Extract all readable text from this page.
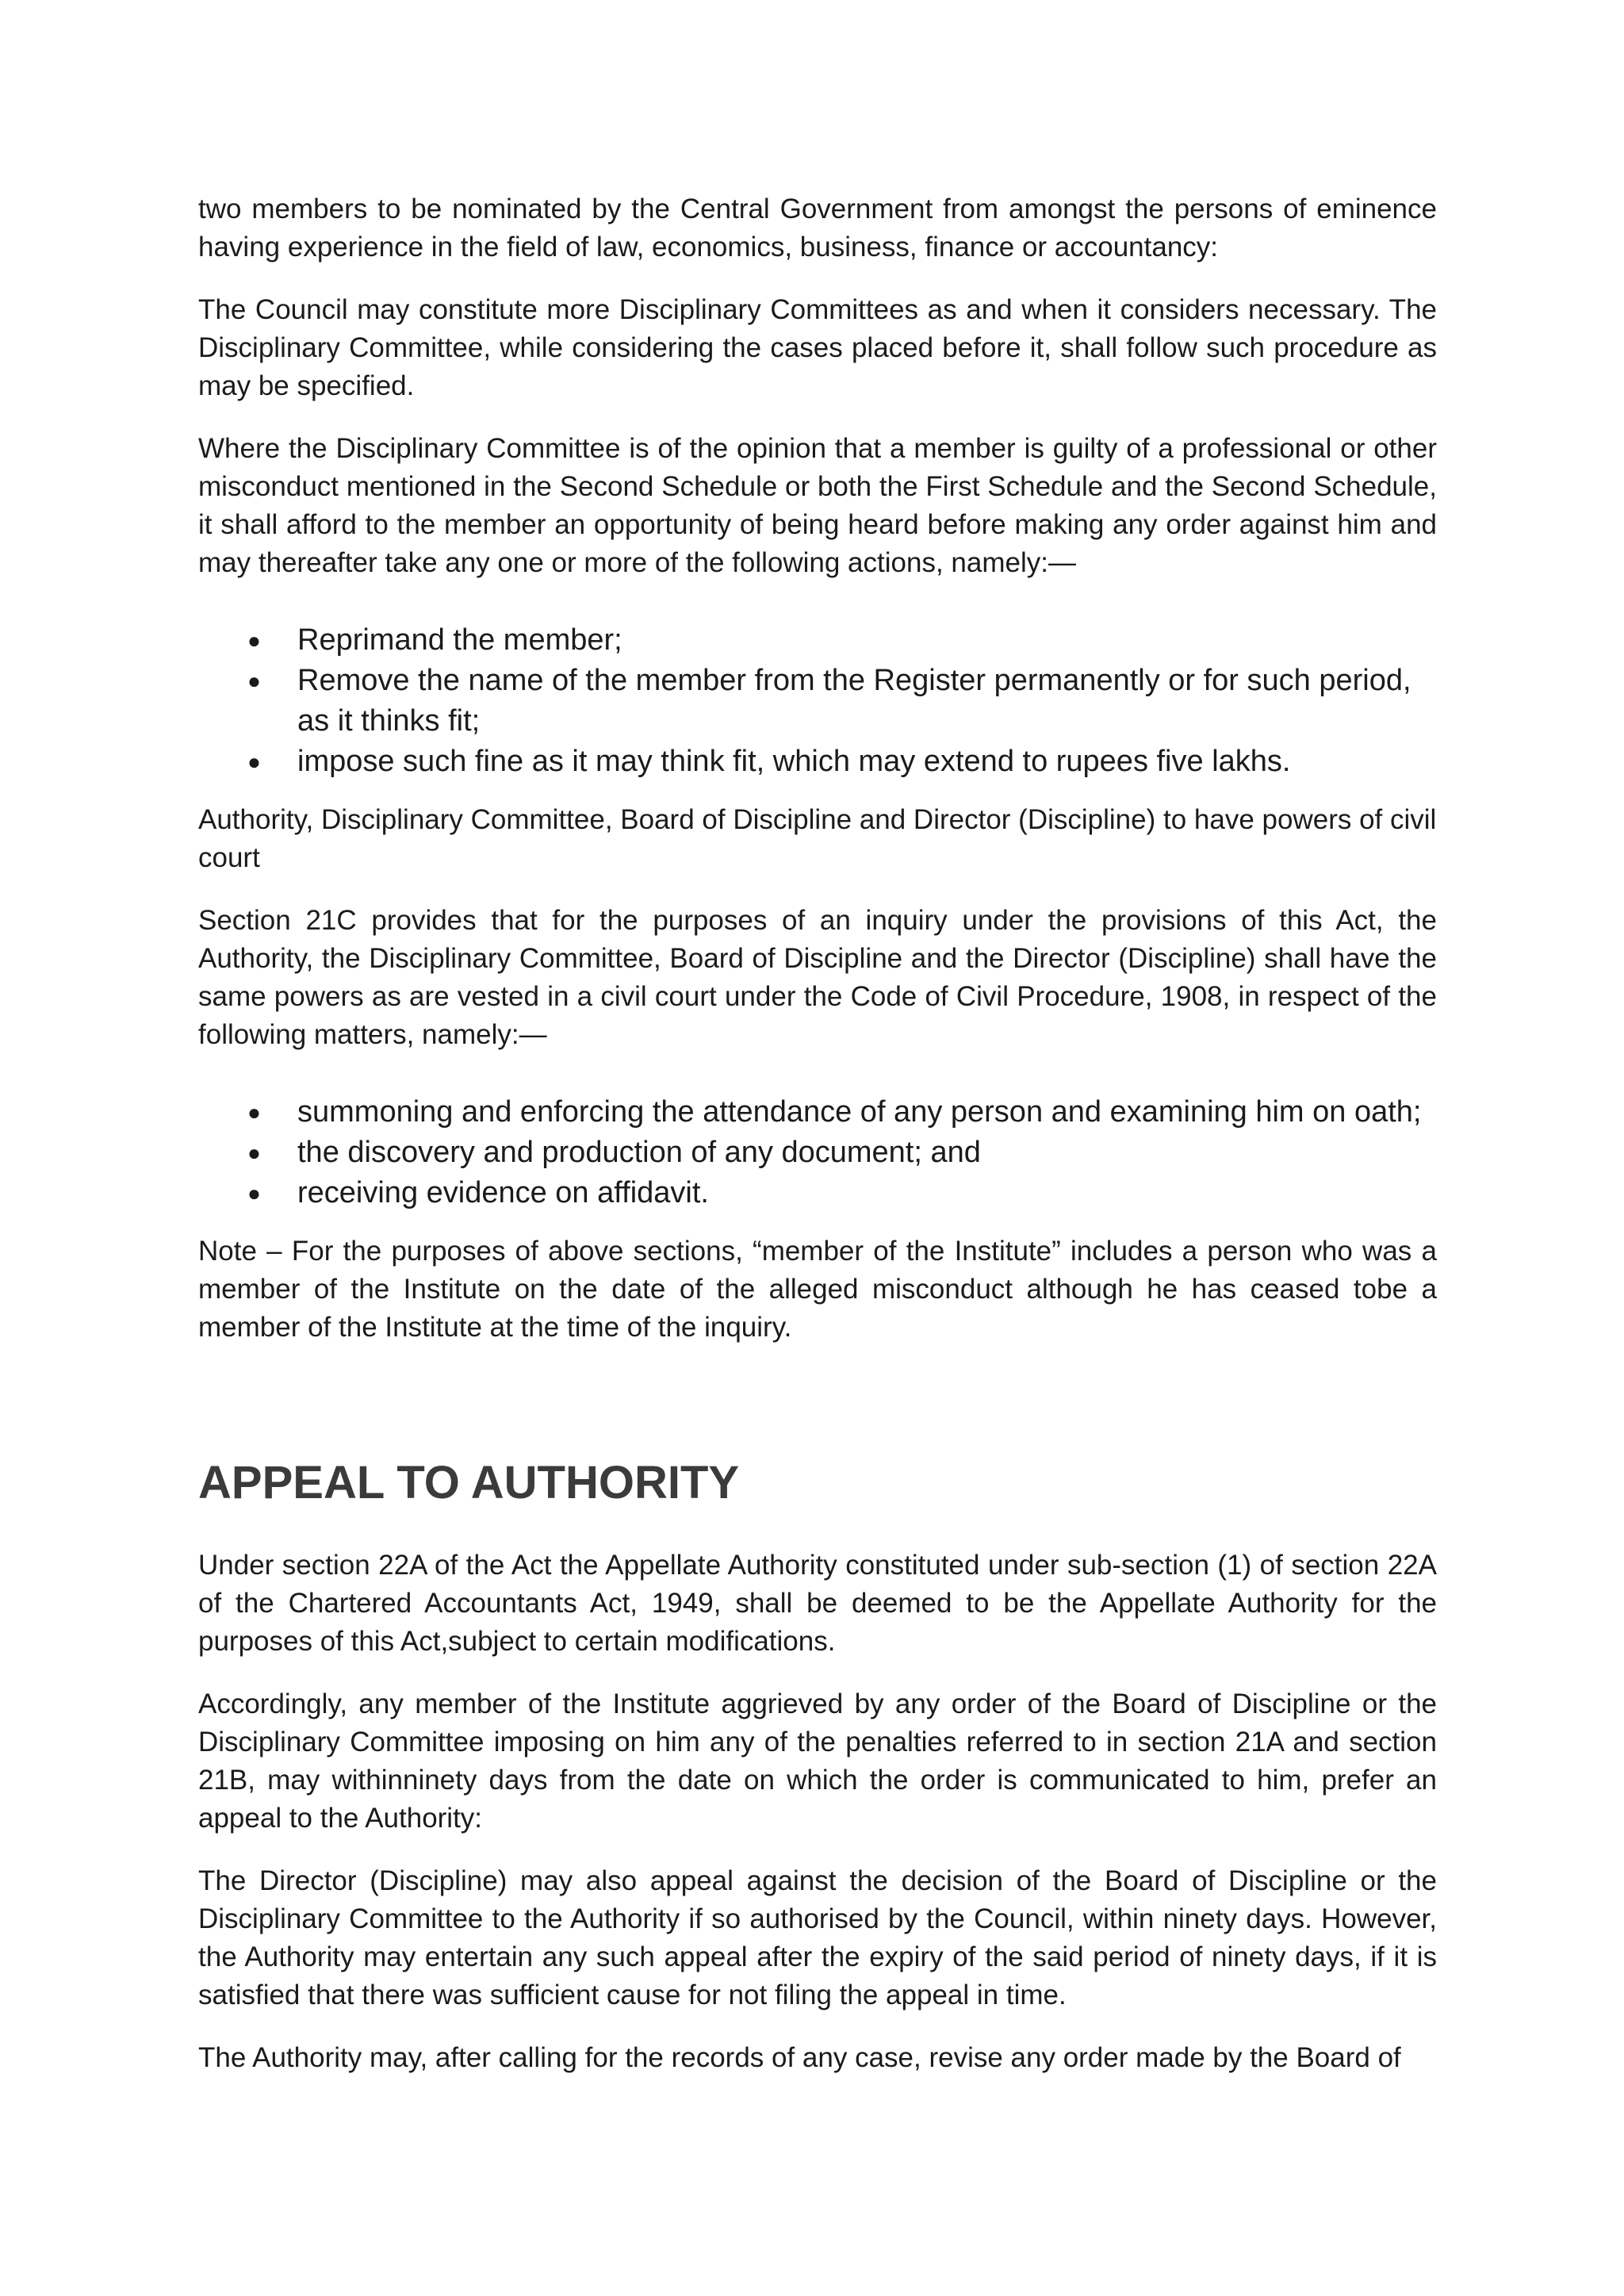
two members to be nominated by the Central Government from amongst the persons of eminence having experience in the field of law, economics, business, finance or accountancy:

The Council may constitute more Disciplinary Committees as and when it considers necessary. The Disciplinary Committee, while considering the cases placed before it, shall follow such procedure as may be specified.

Where the Disciplinary Committee is of the opinion that a member is guilty of a professional or other misconduct mentioned in the Second Schedule or both the First Schedule and the Second Schedule, it shall afford to the member an opportunity of being heard before making any order against him and may thereafter take any one or more of the following actions, namely:—

● Reprimand the member;
● Remove the name of the member from the Register permanently or for such period, as it thinks fit;
● impose such fine as it may think fit, which may extend to rupees five lakhs.

Authority, Disciplinary Committee, Board of Discipline and Director (Discipline) to have powers of civil court

Section 21C provides that for the purposes of an inquiry under the provisions of this Act, the Authority, the Disciplinary Committee, Board of Discipline and the Director (Discipline) shall have the same powers as are vested in a civil court under the Code of Civil Procedure, 1908, in respect of the following matters, namely:—

● summoning and enforcing the attendance of any person and examining him on oath;
● the discovery and production of any document; and
● receiving evidence on affidavit.

Note – For the purposes of above sections, “member of the Institute” includes a person who was a member of the Institute on the date of the alleged misconduct although he has ceased tobe a member of the Institute at the time of the inquiry.

APPEAL TO AUTHORITY

Under section 22A of the Act the Appellate Authority constituted under sub-section (1) of section 22A of the Chartered Accountants Act, 1949, shall be deemed to be the Appellate Authority for the purposes of this Act,subject to certain modifications.

Accordingly, any member of the Institute aggrieved by any order of the Board of Discipline or the Disciplinary Committee imposing on him any of the penalties referred to in section 21A and section 21B, may withinninety days from the date on which the order is communicated to him, prefer an appeal to the Authority:

The Director (Discipline) may also appeal against the decision of the Board of Discipline or the Disciplinary Committee to the Authority if so authorised by the Council, within ninety days. However, the Authority may entertain any such appeal after the expiry of the said period of ninety days, if it is satisfied that there was sufficient cause for not filing the appeal in time.

The Authority may, after calling for the records of any case, revise any order made by the Board of
